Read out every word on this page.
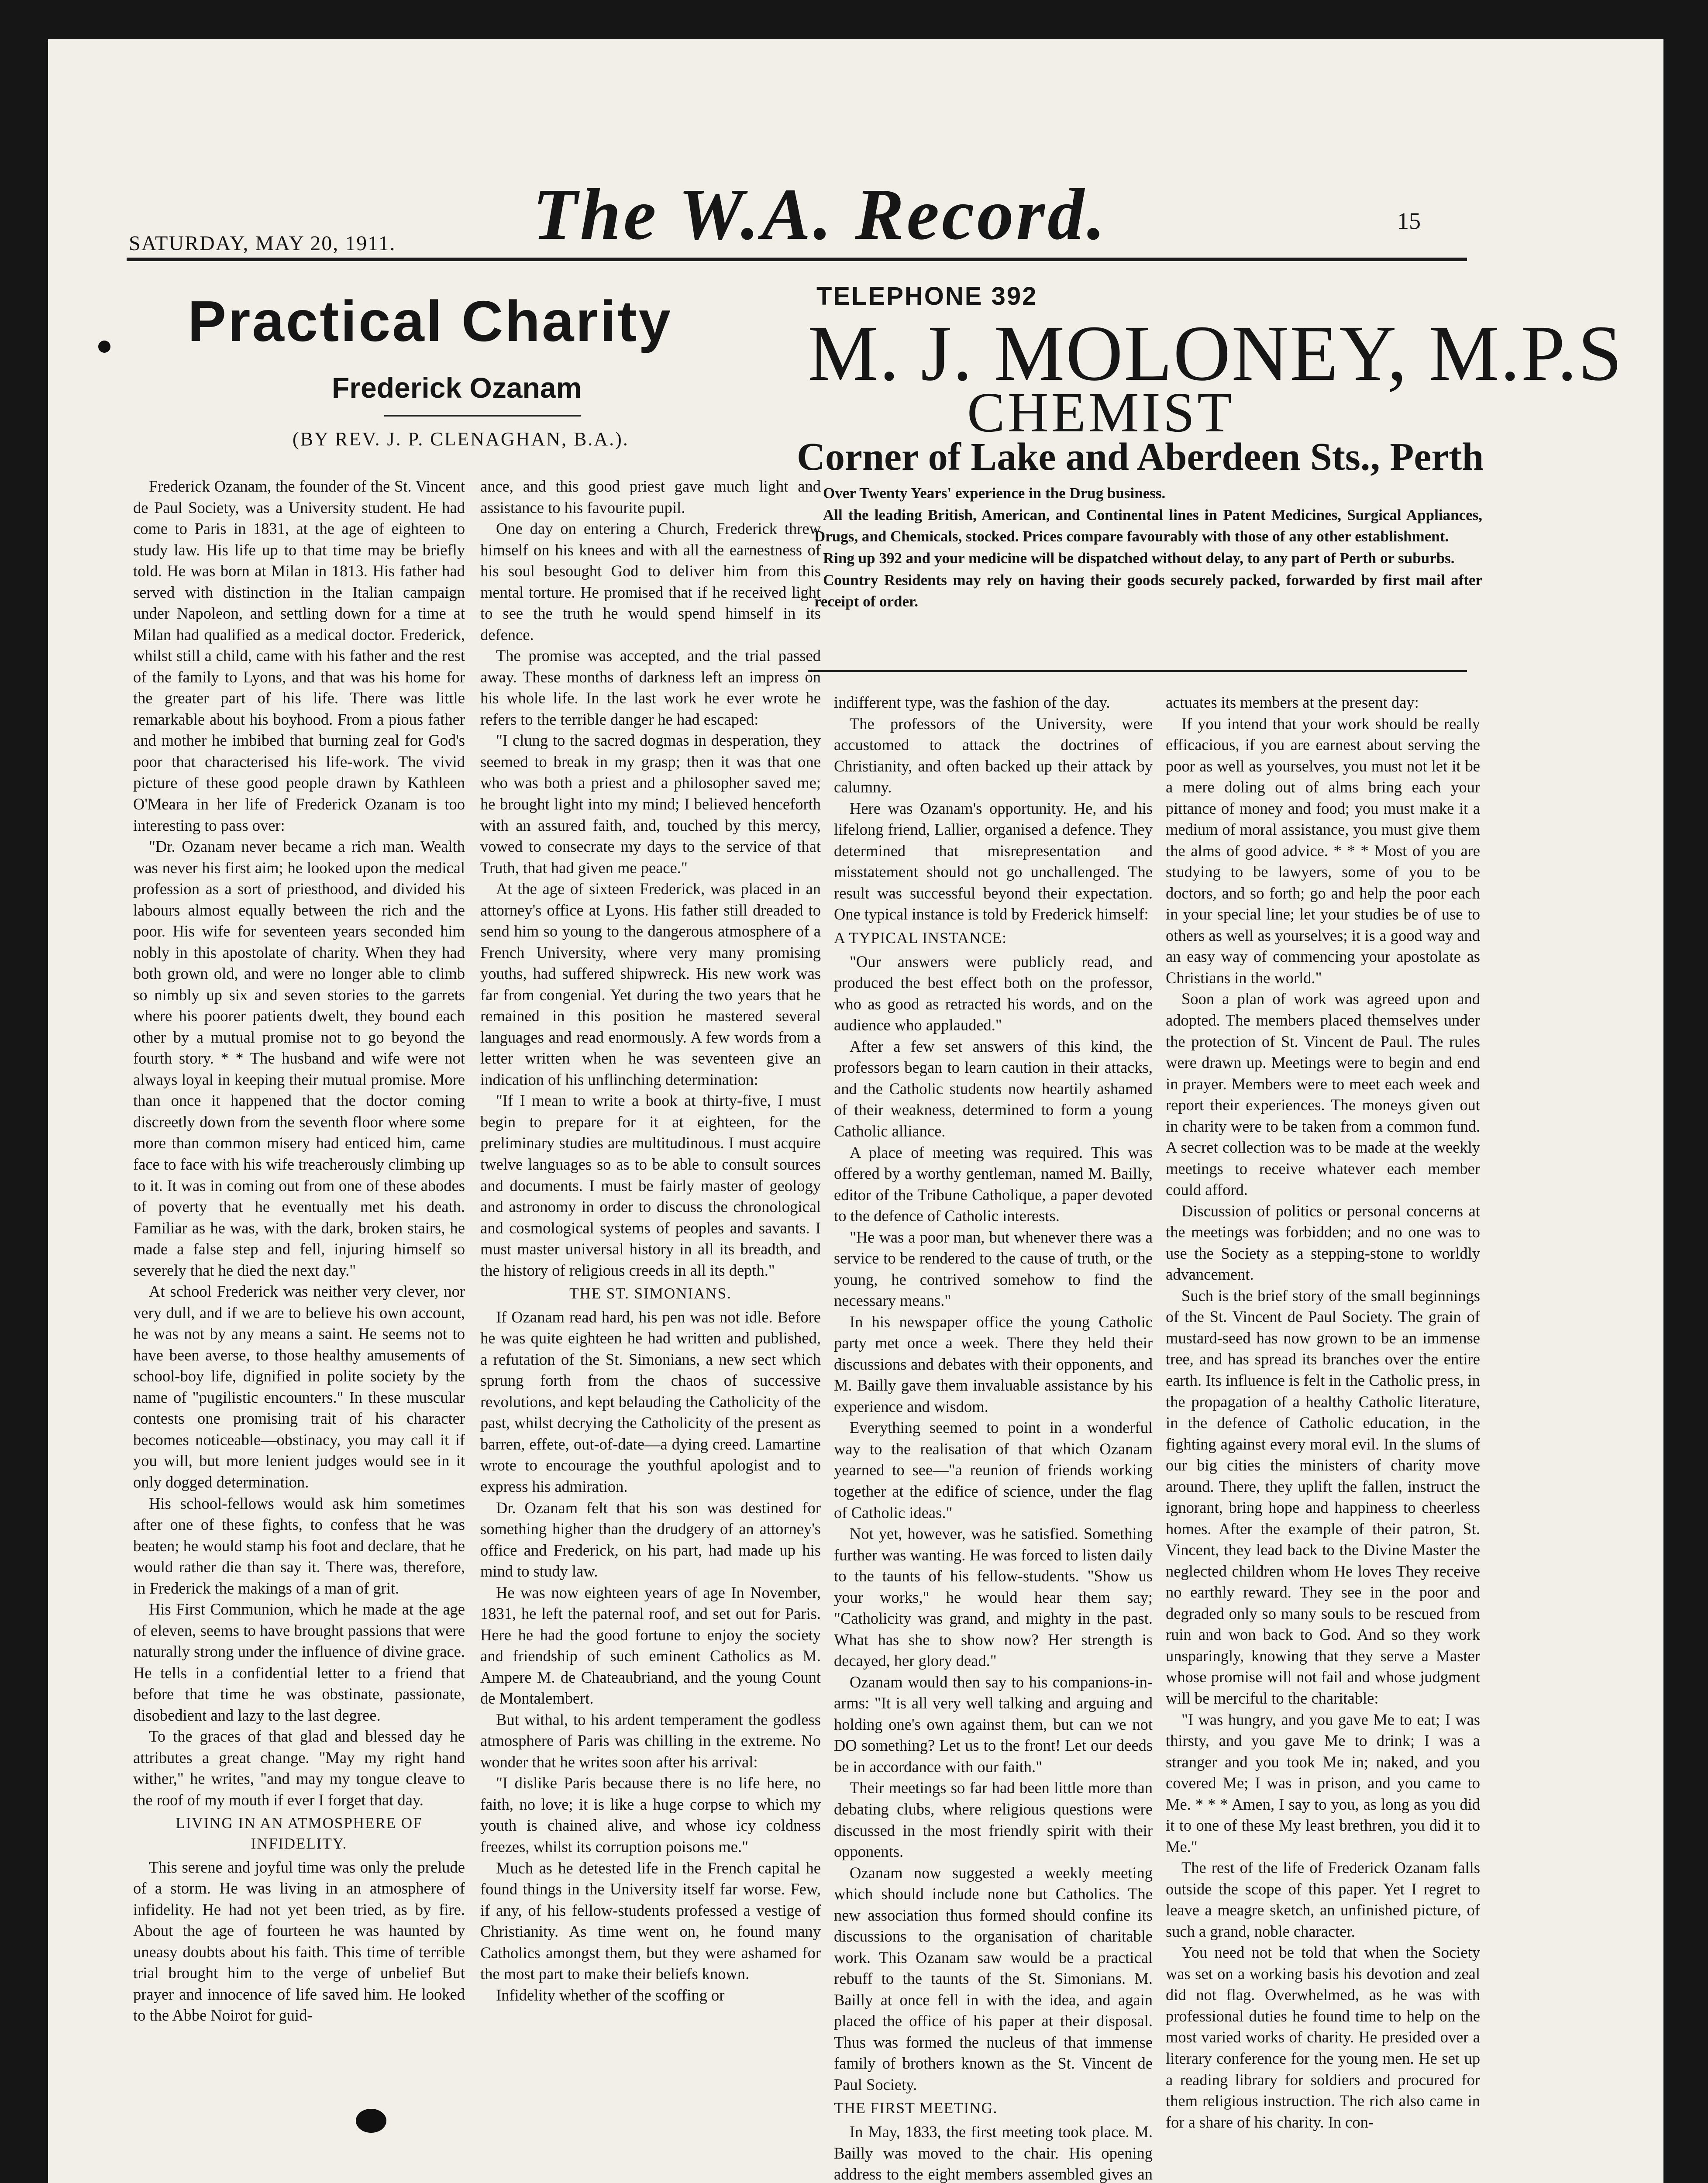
SATURDAY, MAY 20, 1911. The W.A. Record.	15
Practical Charity
Frederick Ozanam
(BY REV. J. P. CLENAGHAN, B.A.).
TELEPHONE 392
M. J. MOLONEY, M.P.S
CHEMIST
Corner of Lake and Aberdeen Sts., Perth

Over Twenty Years' experience in the Drug business.

All the leading British, American, and Continental lines in Patent Medicines, Surgical Appliances, Drugs, and Chemicals, stocked. Prices compare favourably with those of any other establishment.

Ring up 392 and your medicine will be dispatched without delay, to any part of Perth or suburbs.

Country Residents may rely on having their goods securely packed, forwarded by first mail after receipt of order.

Frederick Ozanam, the founder of the St. Vincent de Paul Society, was a University student. He had come to Paris in 1831, at the age of eighteen to study law. His life up to that time may be briefly told. He was born at Milan in 1813. His father had served with distinction in the Italian campaign under Napoleon, and settling down for a time at Milan had qualified as a medical doctor. Frederick, whilst still a child, came with his father and the rest of the family to Lyons, and that was his home for the greater part of his life. There was little remarkable about his boyhood. From a pious father and mother he imbibed that burning zeal for God's poor that characterised his life-work. The vivid picture of these good people drawn by Kathleen O'Meara in her life of Frederick Ozanam is too interesting to pass over:

"Dr. Ozanam never became a rich man. Wealth was never his first aim; he looked upon the medical profession as a sort of priesthood, and divided his labours almost equally between the rich and the poor. His wife for seventeen years seconded him nobly in this apostolate of charity. When they had both grown old, and were no longer able to climb so nimbly up six and seven stories to the garrets where his poorer patients dwelt, they bound each other by a mutual promise not to go beyond the fourth story. * * The husband and wife were not always loyal in keeping their mutual promise. More than once it happened that the doctor coming discreetly down from the seventh floor where some more than common misery had enticed him, came face to face with his wife treacherously climbing up to it. It was in coming out from one of these abodes of poverty that he eventually met his death. Familiar as he was, with the dark, broken stairs, he made a false step and fell, injuring himself so severely that he died the next day."

At school Frederick was neither very clever, nor very dull, and if we are to believe his own account, he was not by any means a saint. He seems not to have been averse, to those healthy amusements of school-boy life, dignified in polite society by the name of "pugilistic encounters." In these muscular contests one promising trait of his character becomes noticeable—obstinacy, you may call it if you will, but more lenient judges would see in it only dogged determination.

His school-fellows would ask him sometimes after one of these fights, to confess that he was beaten; he would stamp his foot and declare, that he would rather die than say it. There was, therefore, in Frederick the makings of a man of grit.

His First Communion, which he made at the age of eleven, seems to have brought passions that were naturally strong under the influence of divine grace. He tells in a confidential letter to a friend that before that time he was obstinate, passionate, disobedient and lazy to the last degree.

To the graces of that glad and blessed day he attributes a great change. "May my right hand wither," he writes, "and may my tongue cleave to the roof of my mouth if ever I forget that day.

LIVING IN AN ATMOSPHERE OF INFIDELITY.

This serene and joyful time was only the prelude of a storm. He was living in an atmosphere of infidelity. He had not yet been tried, as by fire. About the age of fourteen he was haunted by uneasy doubts about his faith. This time of terrible trial brought him to the verge of unbelief But prayer and innocence of life saved him. He looked to the Abbe Noirot for guid-

ance, and this good priest gave much light and assistance to his favourite pupil.

One day on entering a Church, Frederick threw himself on his knees and with all the earnestness of his soul besought God to deliver him from this mental torture. He promised that if he received light to see the truth he would spend himself in its defence.

The promise was accepted, and the trial passed away. These months of darkness left an impress on his whole life. In the last work he ever wrote he refers to the terrible danger he had escaped:

"I clung to the sacred dogmas in desperation, they seemed to break in my grasp; then it was that one who was both a priest and a philosopher saved me; he brought light into my mind; I believed henceforth with an assured faith, and, touched by this mercy, vowed to consecrate my days to the service of that Truth, that had given me peace."

At the age of sixteen Frederick, was placed in an attorney's office at Lyons. His father still dreaded to send him so young to the dangerous atmosphere of a French University, where very many promising youths, had suffered shipwreck. His new work was far from congenial. Yet during the two years that he remained in this position he mastered several languages and read enormously. A few words from a letter written when he was seventeen give an indication of his unflinching determination:

"If I mean to write a book at thirty-five, I must begin to prepare for it at eighteen, for the preliminary studies are multitudinous. I must acquire twelve languages so as to be able to consult sources and documents. I must be fairly master of geology and astronomy in order to discuss the chronological and cosmological systems of peoples and savants. I must master universal history in all its breadth, and the history of religious creeds in all its depth."

THE ST. SIMONIANS.

If Ozanam read hard, his pen was not idle. Before he was quite eighteen he had written and published, a refutation of the St. Simonians, a new sect which sprung forth from the chaos of successive revolutions, and kept belauding the Catholicity of the past, whilst decrying the Catholicity of the present as barren, effete, out-of-date—a dying creed. Lamartine wrote to encourage the youthful apologist and to express his admiration.

Dr. Ozanam felt that his son was destined for something higher than the drudgery of an attorney's office and Frederick, on his part, had made up his mind to study law.

He was now eighteen years of age In November, 1831, he left the paternal roof, and set out for Paris. Here he had the good fortune to enjoy the society and friendship of such eminent Catholics as M. Ampere M. de Chateaubriand, and the young Count de Montalembert.

But withal, to his ardent temperament the godless atmosphere of Paris was chilling in the extreme. No wonder that he writes soon after his arrival:

"I dislike Paris because there is no life here, no faith, no love; it is like a huge corpse to which my youth is chained alive, and whose icy coldness freezes, whilst its corruption poisons me."

Much as he detested life in the French capital he found things in the University itself far worse. Few, if any, of his fellow-students professed a vestige of Christianity. As time went on, he found many Catholics amongst them, but they were ashamed for the most part to make their beliefs known.

Infidelity whether of the scoffing or

indifferent type, was the fashion of the day.

The professors of the University, were accustomed to attack the doctrines of Christianity, and often backed up their attack by calumny.

Here was Ozanam's opportunity. He, and his lifelong friend, Lallier, organised a defence. They determined that misrepresentation and misstatement should not go unchallenged. The result was successful beyond their expectation. One typical instance is told by Frederick himself:

A TYPICAL INSTANCE:

"Our answers were publicly read, and produced the best effect both on the professor, who as good as retracted his words, and on the audience who applauded."

After a few set answers of this kind, the professors began to learn caution in their attacks, and the Catholic students now heartily ashamed of their weakness, determined to form a young Catholic alliance.

A place of meeting was required. This was offered by a worthy gentleman, named M. Bailly, editor of the Tribune Catholique, a paper devoted to the defence of Catholic interests.

"He was a poor man, but whenever there was a service to be rendered to the cause of truth, or the young, he contrived somehow to find the necessary means."

In his newspaper office the young Catholic party met once a week. There they held their discussions and debates with their opponents, and M. Bailly gave them invaluable assistance by his experience and wisdom.

Everything seemed to point in a wonderful way to the realisation of that which Ozanam yearned to see—"a reunion of friends working together at the edifice of science, under the flag of Catholic ideas."

Not yet, however, was he satisfied. Something further was wanting. He was forced to listen daily to the taunts of his fellow-students. "Show us your works," he would hear them say; "Catholicity was grand, and mighty in the past. What has she to show now? Her strength is decayed, her glory dead."

Ozanam would then say to his companions-in-arms: "It is all very well talking and arguing and holding one's own against them, but can we not DO something? Let us to the front! Let our deeds be in accordance with our faith."

Their meetings so far had been little more than debating clubs, where religious questions were discussed in the most friendly spirit with their opponents.

Ozanam now suggested a weekly meeting which should include none but Catholics. The new association thus formed should confine its discussions to the organisation of charitable work. This Ozanam saw would be a practical rebuff to the taunts of the St. Simonians. M. Bailly at once fell in with the idea, and again placed the office of his paper at their disposal. Thus was formed the nucleus of that immense family of brothers known as the St. Vincent de Paul Society.

THE FIRST MEETING.

In May, 1833, the first meeting took place. M. Bailly was moved to the chair. His opening address to the eight members assembled gives an

actuates its members at the present day:

If you intend that your work should be really efficacious, if you are earnest about serving the poor as well as yourselves, you must not let it be a mere doling out of alms bring each your pittance of money and food; you must make it a medium of moral assistance, you must give them the alms of good advice. * * * Most of you are studying to be lawyers, some of you to be doctors, and so forth; go and help the poor each in your special line; let your studies be of use to others as well as yourselves; it is a good way and an easy way of commencing your apostolate as Christians in the world."

Soon a plan of work was agreed upon and adopted. The members placed themselves under the protection of St. Vincent de Paul. The rules were drawn up. Meetings were to begin and end in prayer. Members were to meet each week and report their experiences. The moneys given out in charity were to be taken from a common fund. A secret collection was to be made at the weekly meetings to receive whatever each member could afford.

Discussion of politics or personal concerns at the meetings was forbidden; and no one was to use the Society as a stepping-stone to worldly advancement.

Such is the brief story of the small beginnings of the St. Vincent de Paul Society. The grain of mustard-seed has now grown to be an immense tree, and has spread its branches over the entire earth. Its influence is felt in the Catholic press, in the propagation of a healthy Catholic literature, in the defence of Catholic education, in the fighting against every moral evil. In the slums of our big cities the ministers of charity move around. There, they uplift the fallen, instruct the ignorant, bring hope and happiness to cheerless homes. After the example of their patron, St. Vincent, they lead back to the Divine Master the neglected children whom He loves They receive no earthly reward. They see in the poor and degraded only so many souls to be rescued from ruin and won back to God. And so they work unsparingly, knowing that they serve a Master whose promise will not fail and whose judgment will be merciful to the charitable:

"I was hungry, and you gave Me to eat; I was thirsty, and you gave Me to drink; I was a stranger and you took Me in; naked, and you covered Me; I was in prison, and you came to Me. * * * Amen, I say to you, as long as you did it to one of these My least brethren, you did it to Me."

The rest of the life of Frederick Ozanam falls outside the scope of this paper. Yet I regret to leave a meagre sketch, an unfinished picture, of such a grand, noble character.

You need not be told that when the Society was set on a working basis his devotion and zeal did not flag. Overwhelmed, as he was with professional duties he found time to help on the most varied works of charity. He presided over a literary conference for the young men. He set up a reading library for soldiers and procured for them religious instruction. The rich also came in for a share of his charity. In con-
